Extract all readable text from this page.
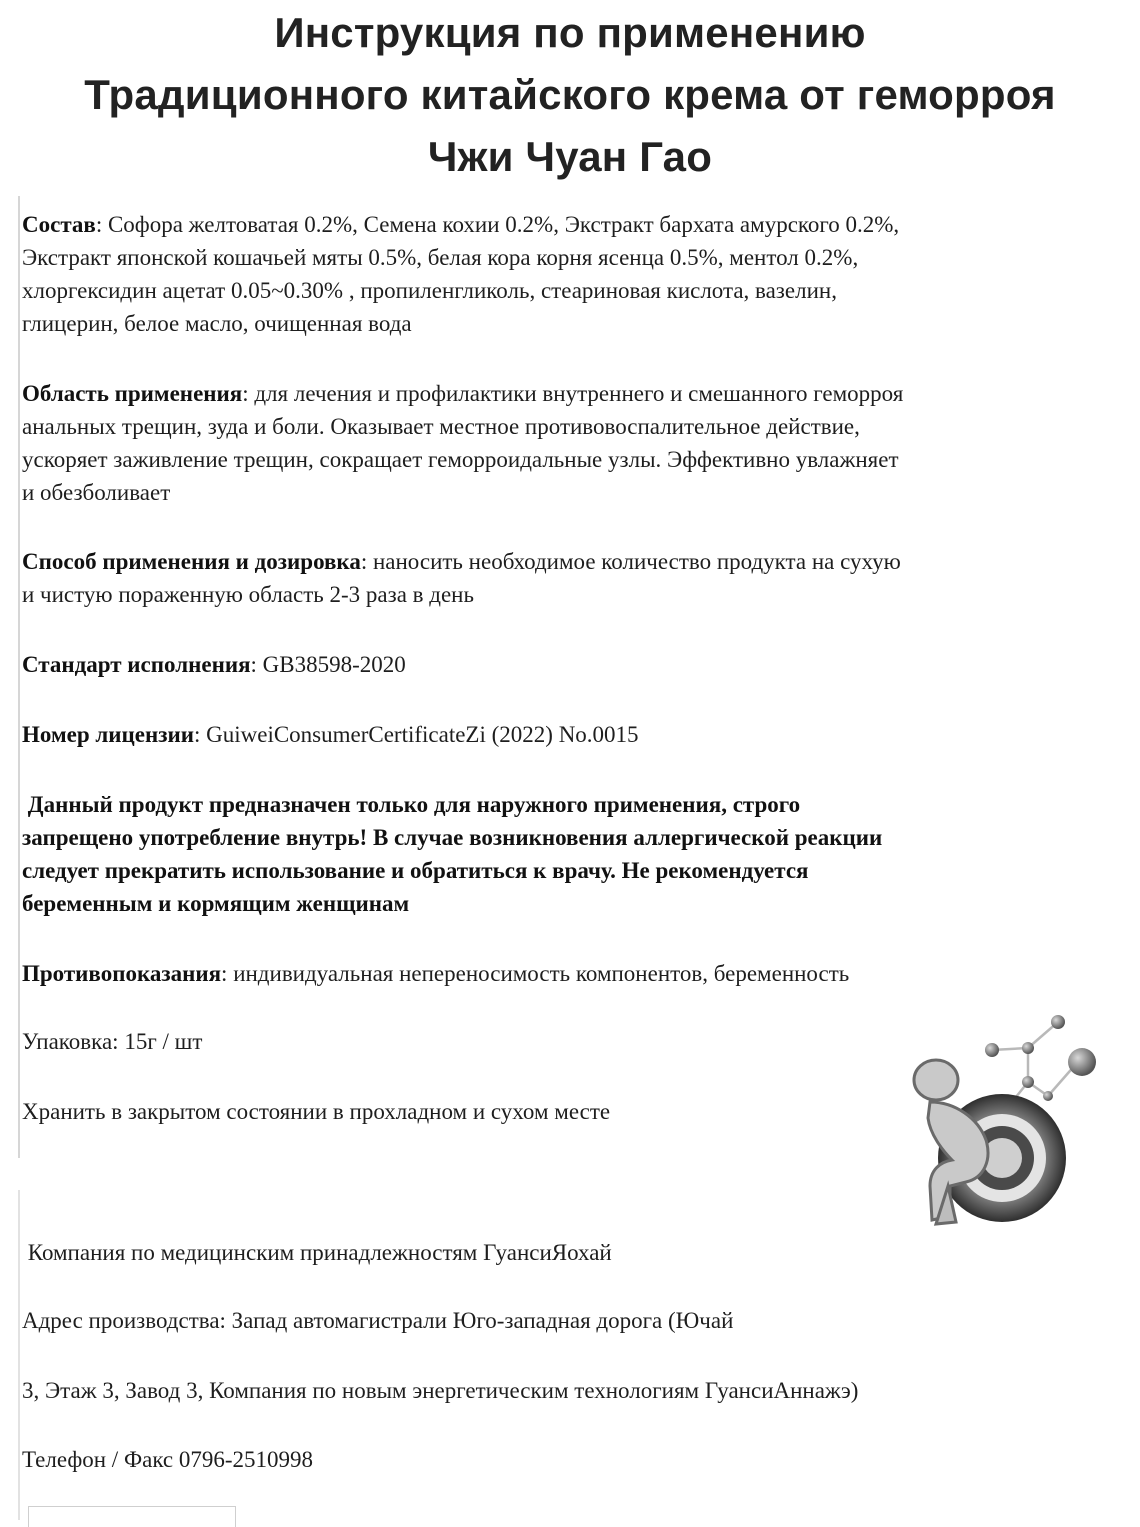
Инструкция по применению
Традиционного китайского крема от геморроя
Чжи Чуан Гао
Состав: Софора желтоватая 0.2%, Семена кохии 0.2%, Экстракт бархата амурского 0.2%,
Экстракт японской кошачьей мяты 0.5%, белая кора корня ясенца 0.5%, ментол 0.2%,
хлоргексидин ацетат 0.05~0.30% , пропиленгликоль, стеариновая кислота, вазелин,
глицерин, белое масло, очищенная вода
Область применения: для лечения и профилактики внутреннего и смешанного геморроя
анальных трещин, зуда и боли. Оказывает местное противовоспалительное действие,
ускоряет заживление трещин, сокращает геморроидальные узлы. Эффективно увлажняет
и обезболивает
Способ применения и дозировка: наносить необходимое количество продукта на сухую
и чистую пораженную область 2-3 раза в день
Стандарт исполнения: GB38598-2020
Номер лицензии: GuiweiConsumerCertificateZi (2022) No.0015
Данный продукт предназначен только для наружного применения, строго
запрещено употребление внутрь! В случае возникновения аллергической реакции
следует прекратить использование и обратиться к врачу. Не рекомендуется
беременным и кормящим женщинам
Противопоказания: индивидуальная непереносимость компонентов, беременность
Упаковка: 15г / шт
Хранить в закрытом состоянии в прохладном и сухом месте
Компания по медицинским принадлежностям ГуансиЯохай
Адрес производства: Запад автомагистрали Юго-западная дорога (Ючай
3, Этаж 3, Завод 3, Компания по новым энергетическим технологиям ГуансиАннажэ)
Телефон / Факс 0796-2510998
